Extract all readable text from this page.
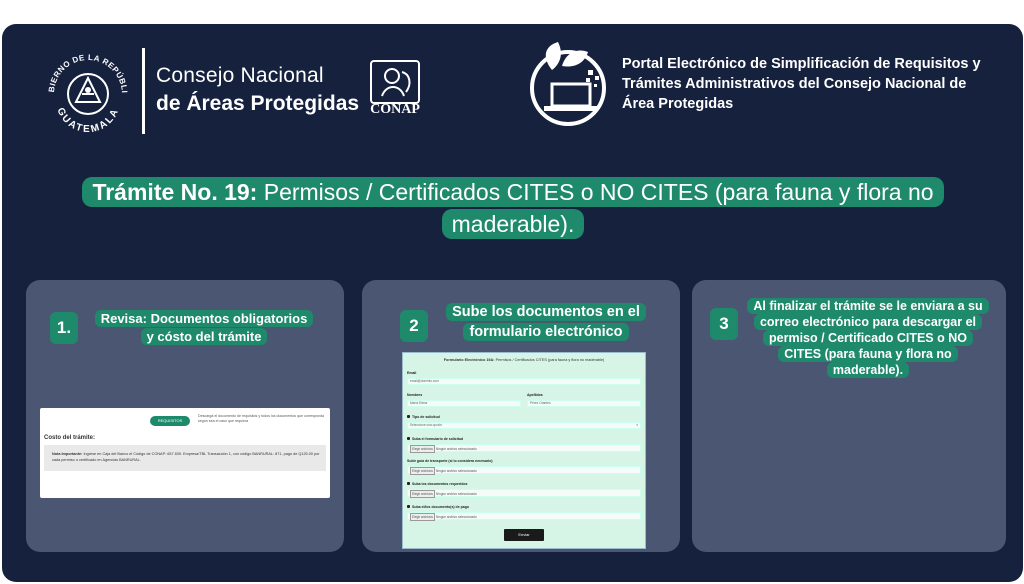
BIERNO DE LA REPÚBLI
GUATEMALA
Consejo Nacional
de Áreas Protegidas CONAP
Portal Electrónico de Simplificación de Requisitos y Trámites Administrativos del Consejo Nacional de Área Protegidas
Trámite No. 19: Permisos / Certificados CITES o NO CITES (para fauna y flora no maderable).
1.	Revisa: Documentos obligatorios
y cósto del trámite
REQUISITOS
Descargá el documento de requisitos y todos los documentos que corresponda según sea el caso que requiera
Costo del trámite:
Nota Importante: Ingrese en Caja del Banco el Código de CONAP: 657 839. Empresa/TBL Transacción 1, con código BANRURAL: 871, pago de Q125.00 por cada permiso o certificado en Agencias BANRURAL.
2
Sube los documentos en el
formulario electrónico
Formulario Electrónico 19A: Permisos / Certificados CITES (para fauna y flora no maderable)
Email
email@dominio.com
Nombres
María Elena
Apellidos
Pérez Orantes
Tipo de solicitud
Seleccione una opción	▾
Suba el formulario de solicitud
Elegir archivos Ningún archivo seleccionado
Subir guía de transporte (si lo considera necesario)
Elegir archivos Ningún archivo seleccionado
Suba los documentos requeridos
Elegir archivos Ningún archivo seleccionado
Suba el/los documento(s) de pago
Elegir archivos Ningún archivo seleccionado
Enviar
3
Al finalizar el trámite se le enviara a su correo electrónico para descargar el permiso / Certificado CITES o NO CITES (para fauna y flora no maderable).
